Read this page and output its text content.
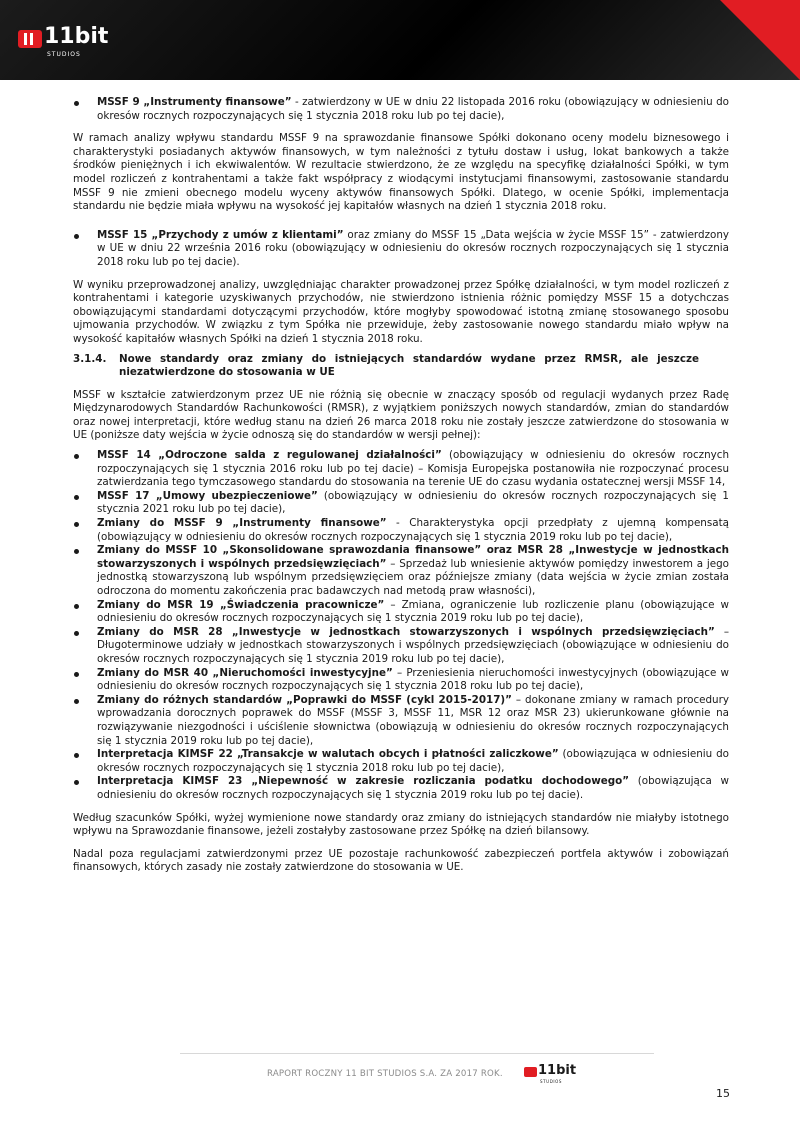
11bit
STUDIOS

MSSF 9 „Instrumenty finansowe” - zatwierdzony w UE w dniu 22 listopada 2016 roku (obowiązujący w odniesieniu do okresów rocznych rozpoczynających się 1 stycznia 2018 roku lub po tej dacie),

W ramach analizy wpływu standardu MSSF 9 na sprawozdanie finansowe Spółki dokonano oceny modelu biznesowego i charakterystyki posiadanych aktywów finansowych, w tym należności z tytułu dostaw i usług, lokat bankowych a także środków pieniężnych i ich ekwiwalentów. W rezultacie stwierdzono, że ze względu na specyfikę działalności Spółki, w tym model rozliczeń z kontrahentami a także fakt współpracy z wiodącymi instytucjami finansowymi, zastosowanie standardu MSSF 9 nie zmieni obecnego modelu wyceny aktywów finansowych Spółki. Dlatego, w ocenie Spółki, implementacja standardu nie będzie miała wpływu na wysokość jej kapitałów własnych na dzień 1 stycznia 2018 roku.

MSSF 15 „Przychody z umów z klientami” oraz zmiany do MSSF 15 „Data wejścia w życie MSSF 15” - zatwierdzony w UE w dniu 22 września 2016 roku (obowiązujący w odniesieniu do okresów rocznych rozpoczynających się 1 stycznia 2018 roku lub po tej dacie).

W wyniku przeprowadzonej analizy, uwzględniając charakter prowadzonej przez Spółkę działalności, w tym model rozliczeń z kontrahentami i kategorie uzyskiwanych przychodów, nie stwierdzono istnienia różnic pomiędzy MSSF 15 a dotychczas obowiązującymi standardami dotyczącymi przychodów, które mogłyby spowodować istotną zmianę stosowanego sposobu ujmowania przychodów. W związku z tym Spółka nie przewiduje, żeby zastosowanie nowego standardu miało wpływ na wysokość kapitałów własnych Spółki na dzień 1 stycznia 2018 roku.

3.1.4.	Nowe standardy oraz zmiany do istniejących standardów wydane przez RMSR, ale jeszcze niezatwierdzone do stosowania w UE

MSSF w kształcie zatwierdzonym przez UE nie różnią się obecnie w znaczący sposób od regulacji wydanych przez Radę Międzynarodowych Standardów Rachunkowości (RMSR), z wyjątkiem poniższych nowych standardów, zmian do standardów oraz nowej interpretacji, które według stanu na dzień 26 marca 2018 roku nie zostały jeszcze zatwierdzone do stosowania w UE (poniższe daty wejścia w życie odnoszą się do standardów w wersji pełnej):

MSSF 14 „Odroczone salda z regulowanej działalności” (obowiązujący w odniesieniu do okresów rocznych rozpoczynających się 1 stycznia 2016 roku lub po tej dacie) – Komisja Europejska postanowiła nie rozpoczynać procesu zatwierdzania tego tymczasowego standardu do stosowania na terenie UE do czasu wydania ostatecznej wersji MSSF 14,

MSSF 17 „Umowy ubezpieczeniowe” (obowiązujący w odniesieniu do okresów rocznych rozpoczynających się 1 stycznia 2021 roku lub po tej dacie),

Zmiany do MSSF 9 „Instrumenty finansowe” - Charakterystyka opcji przedpłaty z ujemną kompensatą (obowiązujący w odniesieniu do okresów rocznych rozpoczynających się 1 stycznia 2019 roku lub po tej dacie),

Zmiany do MSSF 10 „Skonsolidowane sprawozdania finansowe” oraz MSR 28 „Inwestycje w jednostkach stowarzyszonych i wspólnych przedsięwzięciach” – Sprzedaż lub wniesienie aktywów pomiędzy inwestorem a jego jednostką stowarzyszoną lub wspólnym przedsięwzięciem oraz późniejsze zmiany (data wejścia w życie zmian została odroczona do momentu zakończenia prac badawczych nad metodą praw własności),

Zmiany do MSR 19 „Świadczenia pracownicze” – Zmiana, ograniczenie lub rozliczenie planu (obowiązujące w odniesieniu do okresów rocznych rozpoczynających się 1 stycznia 2019 roku lub po tej dacie),

Zmiany do MSR 28 „Inwestycje w jednostkach stowarzyszonych i wspólnych przedsięwzięciach” – Długoterminowe udziały w jednostkach stowarzyszonych i wspólnych przedsięwzięciach (obowiązujące w odniesieniu do okresów rocznych rozpoczynających się 1 stycznia 2019 roku lub po tej dacie),

Zmiany do MSR 40 „Nieruchomości inwestycyjne” – Przeniesienia nieruchomości inwestycyjnych (obowiązujące w odniesieniu do okresów rocznych rozpoczynających się 1 stycznia 2018 roku lub po tej dacie),

Zmiany do różnych standardów „Poprawki do MSSF (cykl 2015-2017)” – dokonane zmiany w ramach procedury wprowadzania dorocznych poprawek do MSSF (MSSF 3, MSSF 11, MSR 12 oraz MSR 23) ukierunkowane głównie na rozwiązywanie niezgodności i uściślenie słownictwa (obowiązują w odniesieniu do okresów rocznych rozpoczynających się 1 stycznia 2019 roku lub po tej dacie),

Interpretacja KIMSF 22 „Transakcje w walutach obcych i płatności zaliczkowe” (obowiązująca w odniesieniu do okresów rocznych rozpoczynających się 1 stycznia 2018 roku lub po tej dacie),

Interpretacja KIMSF 23 „Niepewność w zakresie rozliczania podatku dochodowego” (obowiązująca w odniesieniu do okresów rocznych rozpoczynających się 1 stycznia 2019 roku lub po tej dacie).

Według szacunków Spółki, wyżej wymienione nowe standardy oraz zmiany do istniejących standardów nie miałyby istotnego wpływu na Sprawozdanie finansowe, jeżeli zostałyby zastosowane przez Spółkę na dzień bilansowy.

Nadal poza regulacjami zatwierdzonymi przez UE pozostaje rachunkowość zabezpieczeń portfela aktywów i zobowiązań finansowych, których zasady nie zostały zatwierdzone do stosowania w UE.

RAPORT ROCZNY 11 BIT STUDIOS S.A. ZA 2017 ROK.	11bit
STUDIOS
15
